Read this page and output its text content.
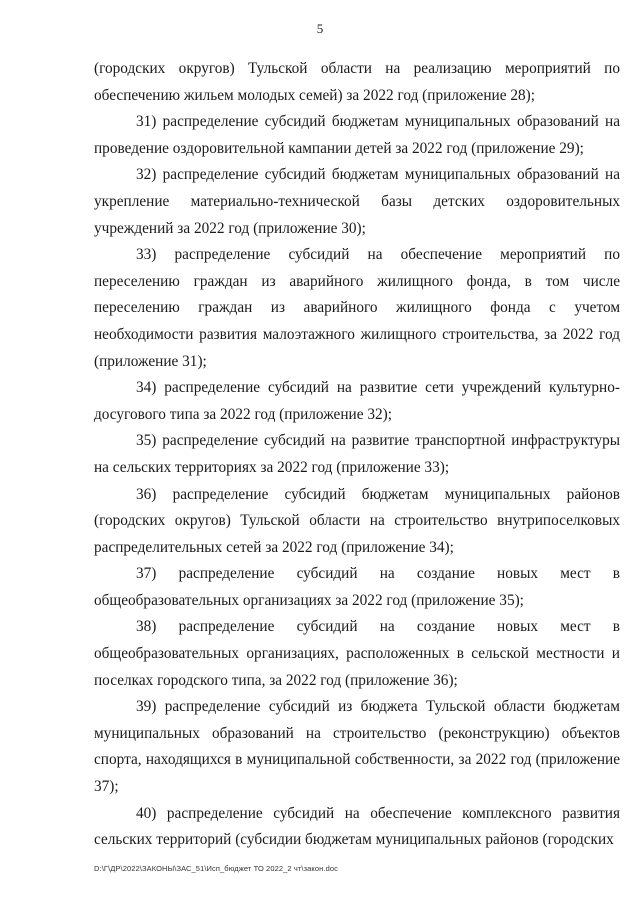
5

(городских округов) Тульской области на реализацию мероприятий по обеспечению жильем молодых семей) за 2022 год (приложение 28);

31) распределение субсидий бюджетам муниципальных образований на проведение оздоровительной кампании детей за 2022 год (приложение 29);

32) распределение субсидий бюджетам муниципальных образований на укрепление материально-технической базы детских оздоровительных учреждений за 2022 год (приложение 30);

33) распределение субсидий на обеспечение мероприятий по переселению граждан из аварийного жилищного фонда, в том числе переселению граждан из аварийного жилищного фонда с учетом необходимости развития малоэтажного жилищного строительства, за 2022 год (приложение 31);

34) распределение субсидий на развитие сети учреждений культурно-досугового типа за 2022 год (приложение 32);

35) распределение субсидий на развитие транспортной инфраструктуры на сельских территориях за 2022 год (приложение 33);

36) распределение субсидий бюджетам муниципальных районов (городских округов) Тульской области на строительство внутрипоселковых распределительных сетей за 2022 год (приложение 34);

37) распределение субсидий на создание новых мест в общеобразовательных организациях за 2022 год (приложение 35);

38) распределение субсидий на создание новых мест в общеобразовательных организациях, расположенных в сельской местности и поселках городского типа, за 2022 год (приложение 36);

39) распределение субсидий из бюджета Тульской области бюджетам муниципальных образований на строительство (реконструкцию) объектов спорта, находящихся в муниципальной собственности, за 2022 год (приложение 37);

40) распределение субсидий на обеспечение комплексного развития сельских территорий (субсидии бюджетам муниципальных районов (городских

D:\Г\ДР\2022\ЗАКОНЫ\ЗАС_51\Исп_бюджет ТО 2022_2 чт\закон.doc
